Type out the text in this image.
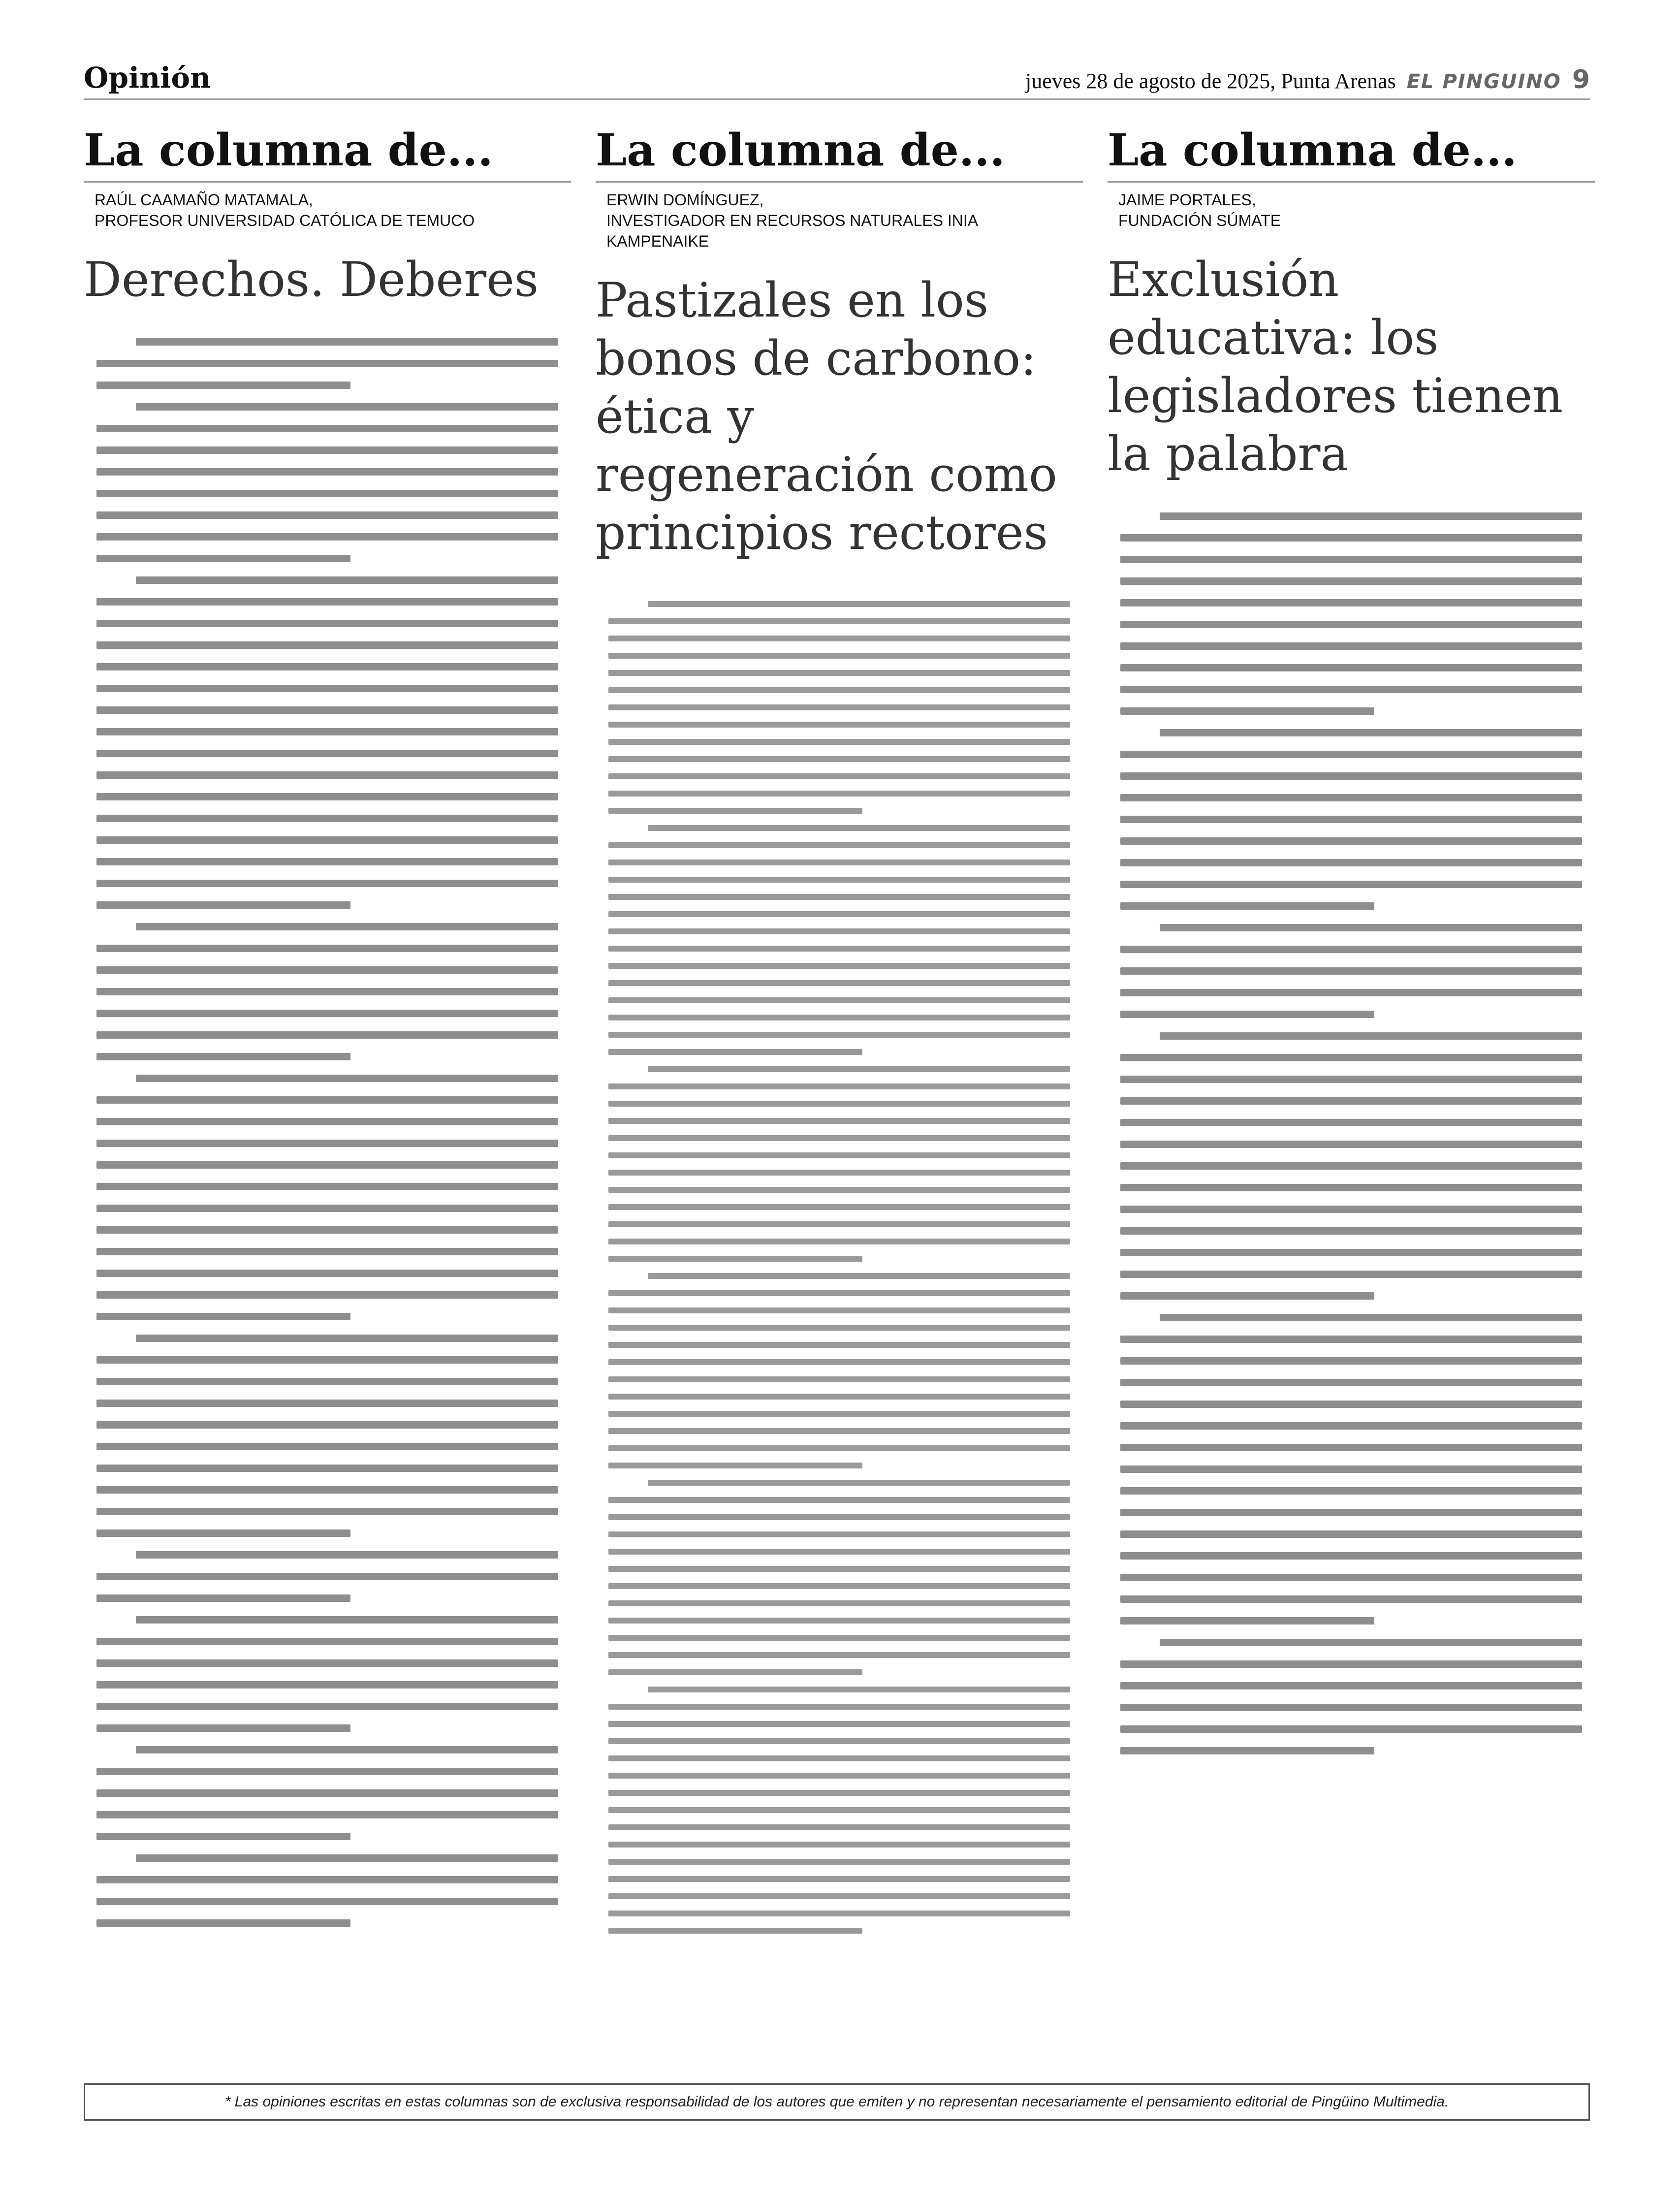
Opinión	jueves 28 de agosto de 2025, Punta Arenas EL PINGUINO 9
La columna de...
RAÚL CAAMAÑO MATAMALA,
PROFESOR UNIVERSIDAD CATÓLICA DE TEMUCO
Derechos. Deberes
La columna de...
ERWIN DOMÍNGUEZ,
INVESTIGADOR EN RECURSOS NATURALES INIA KAMPENAIKE
Pastizales en los bonos de carbono: ética y regeneración como principios rectores
La columna de...
JAIME PORTALES,
FUNDACIÓN SÚMATE
Exclusión educativa: los legisladores tienen la palabra
* Las opiniones escritas en estas columnas son de exclusiva responsabilidad de los autores que emiten y no representan necesariamente el pensamiento editorial de Pingüino Multimedia.
